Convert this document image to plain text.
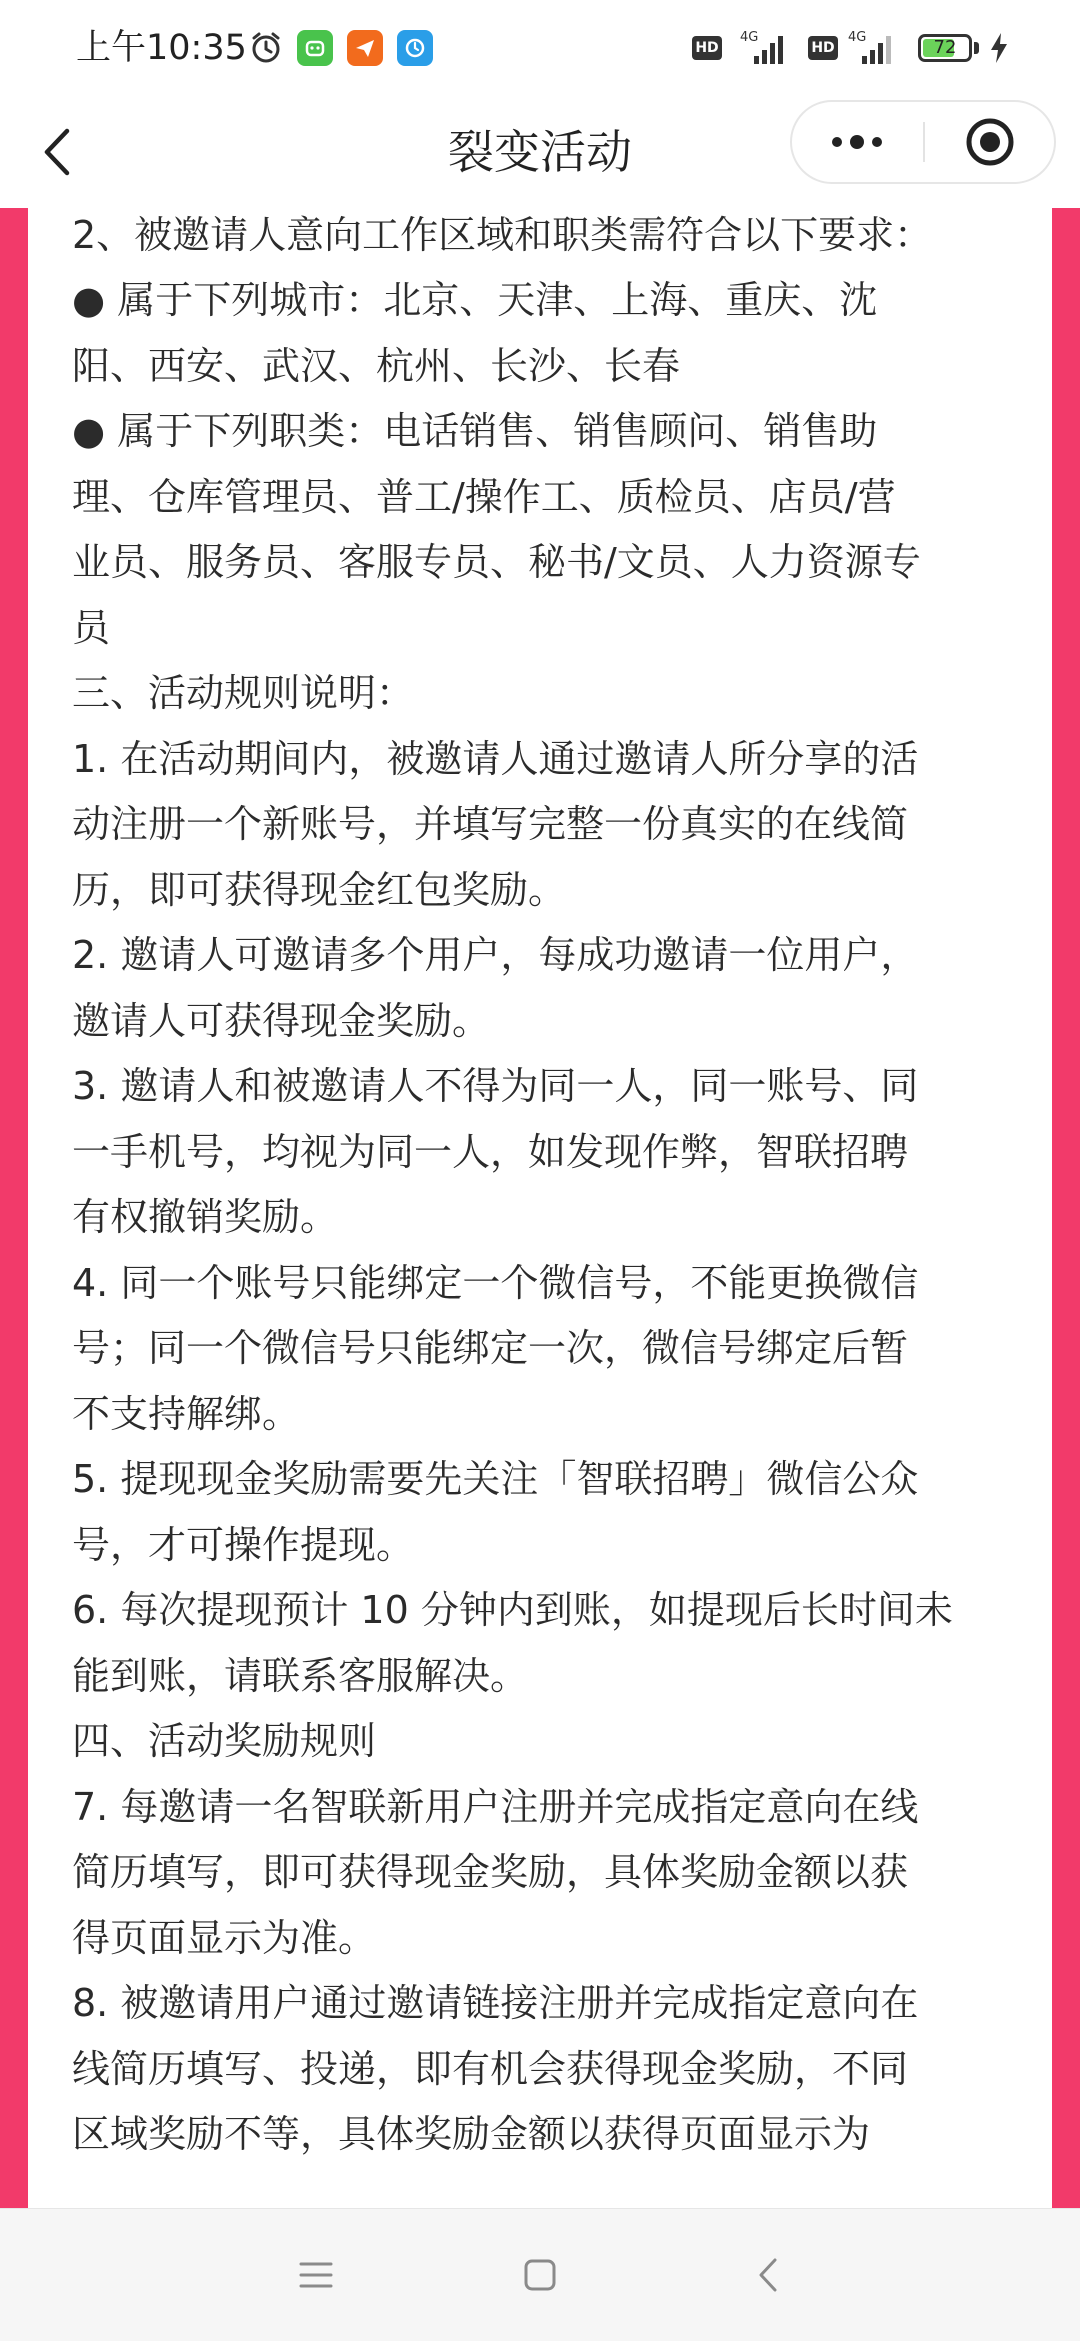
上午10:35	HD
4G
HD
4G	72
裂变活动

2、被邀请人意向工作区域和职类需符合以下要求：

● 属于下列城市：北京、天津、上海、重庆、沈

阳、西安、武汉、杭州、长沙、长春

● 属于下列职类：电话销售、销售顾问、销售助

理、仓库管理员、普工/操作工、质检员、店员/营

业员、服务员、客服专员、秘书/文员、人力资源专

员

三、活动规则说明：

1. 在活动期间内，被邀请人通过邀请人所分享的活

动注册一个新账号，并填写完整一份真实的在线简

历，即可获得现金红包奖励。

2. 邀请人可邀请多个用户，每成功邀请一位用户，

邀请人可获得现金奖励。

3. 邀请人和被邀请人不得为同一人，同一账号、同

一手机号，均视为同一人，如发现作弊，智联招聘

有权撤销奖励。

4. 同一个账号只能绑定一个微信号，不能更换微信

号；同一个微信号只能绑定一次，微信号绑定后暂

不支持解绑。

5. 提现现金奖励需要先关注「智联招聘」微信公众

号，才可操作提现。

6. 每次提现预计 10 分钟内到账，如提现后长时间未

能到账，请联系客服解决。

四、活动奖励规则

7. 每邀请一名智联新用户注册并完成指定意向在线

简历填写，即可获得现金奖励，具体奖励金额以获

得页面显示为准。

8. 被邀请用户通过邀请链接注册并完成指定意向在

线简历填写、投递，即有机会获得现金奖励，不同

区域奖励不等，具体奖励金额以获得页面显示为
